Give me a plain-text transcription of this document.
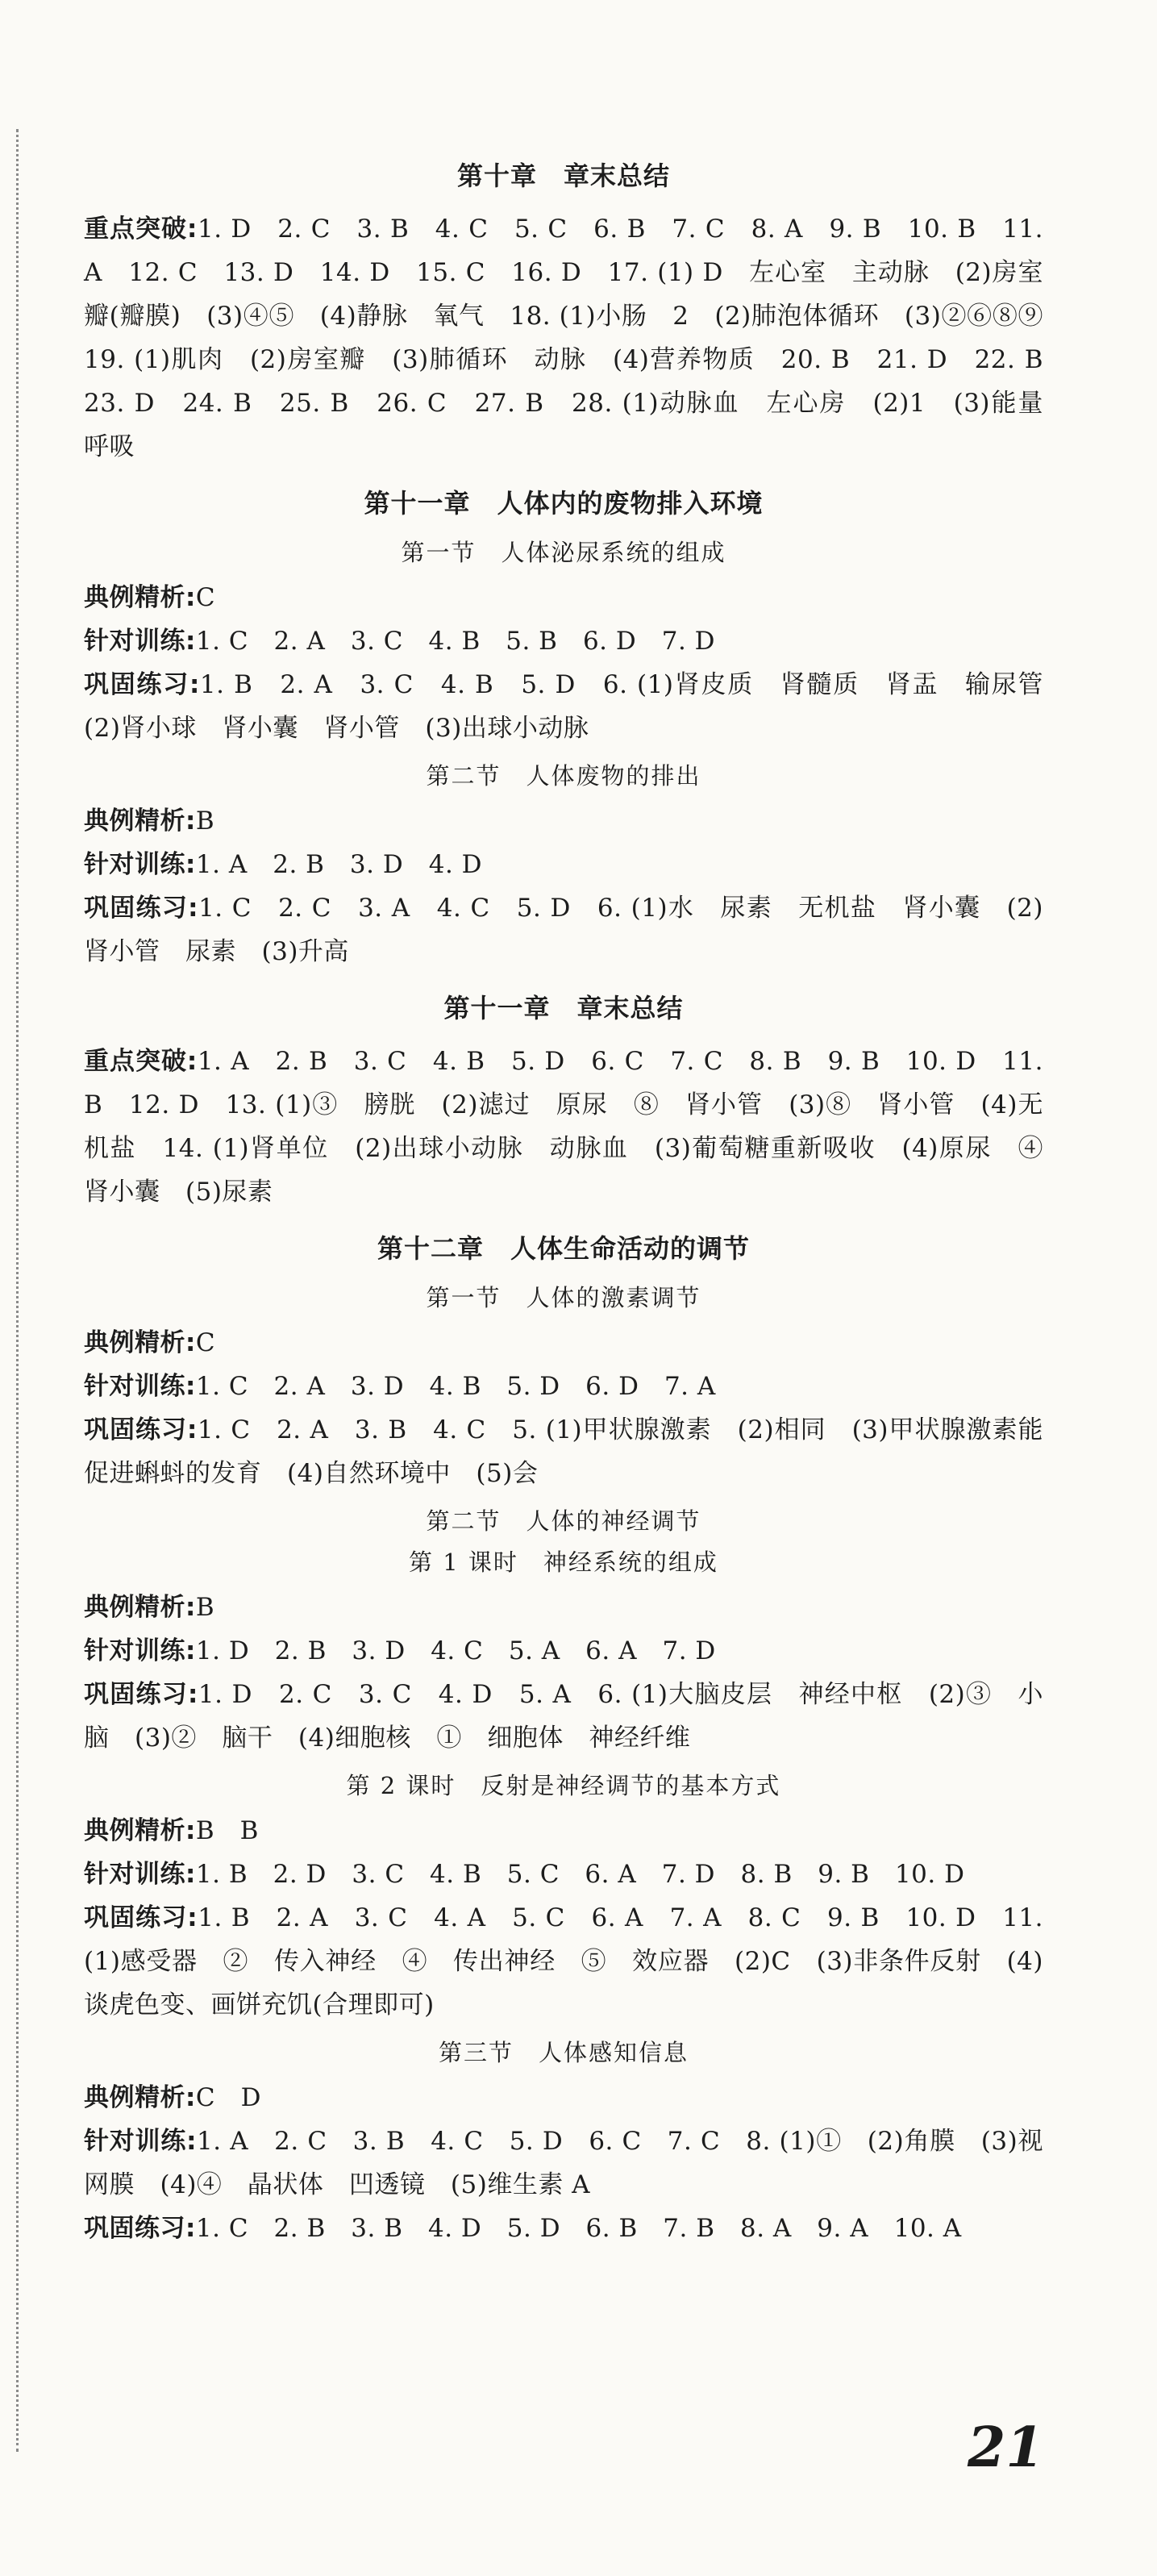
第十章　章末总结

重点突破:1. D　2. C　3. B　4. C　5. C　6. B　7. C　8. A　9. B　10. B　11. A　12. C　13. D　14. D　15. C　16. D　17. (1) D　左心室　主动脉　(2)房室瓣(瓣膜)　(3)④⑤　(4)静脉　氧气　18. (1)小肠　2　(2)肺泡体循环　(3)②⑥⑧⑨　19. (1)肌肉　(2)房室瓣　(3)肺循环　动脉　(4)营养物质　20. B　21. D　22. B　23. D　24. B　25. B　26. C　27. B　28. (1)动脉血　左心房　(2)1　(3)能量　呼吸

第十一章　人体内的废物排入环境
第一节　人体泌尿系统的组成

典例精析:C

针对训练:1. C　2. A　3. C　4. B　5. B　6. D　7. D

巩固练习:1. B　2. A　3. C　4. B　5. D　6. (1)肾皮质　肾髓质　肾盂　输尿管　(2)肾小球　肾小囊　肾小管　(3)出球小动脉

第二节　人体废物的排出

典例精析:B

针对训练:1. A　2. B　3. D　4. D

巩固练习:1. C　2. C　3. A　4. C　5. D　6. (1)水　尿素　无机盐　肾小囊　(2)肾小管　尿素　(3)升高

第十一章　章末总结

重点突破:1. A　2. B　3. C　4. B　5. D　6. C　7. C　8. B　9. B　10. D　11. B　12. D　13. (1)③　膀胱　(2)滤过　原尿　⑧　肾小管　(3)⑧　肾小管　(4)无机盐　14. (1)肾单位　(2)出球小动脉　动脉血　(3)葡萄糖重新吸收　(4)原尿　④　肾小囊　(5)尿素

第十二章　人体生命活动的调节
第一节　人体的激素调节

典例精析:C

针对训练:1. C　2. A　3. D　4. B　5. D　6. D　7. A

巩固练习:1. C　2. A　3. B　4. C　5. (1)甲状腺激素　(2)相同　(3)甲状腺激素能促进蝌蚪的发育　(4)自然环境中　(5)会

第二节　人体的神经调节
第 1 课时　神经系统的组成

典例精析:B

针对训练:1. D　2. B　3. D　4. C　5. A　6. A　7. D

巩固练习:1. D　2. C　3. C　4. D　5. A　6. (1)大脑皮层　神经中枢　(2)③　小脑　(3)②　脑干　(4)细胞核　①　细胞体　神经纤维

第 2 课时　反射是神经调节的基本方式

典例精析:B　B

针对训练:1. B　2. D　3. C　4. B　5. C　6. A　7. D　8. B　9. B　10. D

巩固练习:1. B　2. A　3. C　4. A　5. C　6. A　7. A　8. C　9. B　10. D　11. (1)感受器　②　传入神经　④　传出神经　⑤　效应器　(2)C　(3)非条件反射　(4)谈虎色变、画饼充饥(合理即可)

第三节　人体感知信息

典例精析:C　D

针对训练:1. A　2. C　3. B　4. C　5. D　6. C　7. C　8. (1)①　(2)角膜　(3)视网膜　(4)④　晶状体　凹透镜　(5)维生素 A

巩固练习:1. C　2. B　3. B　4. D　5. D　6. B　7. B　8. A　9. A　10. A

21
